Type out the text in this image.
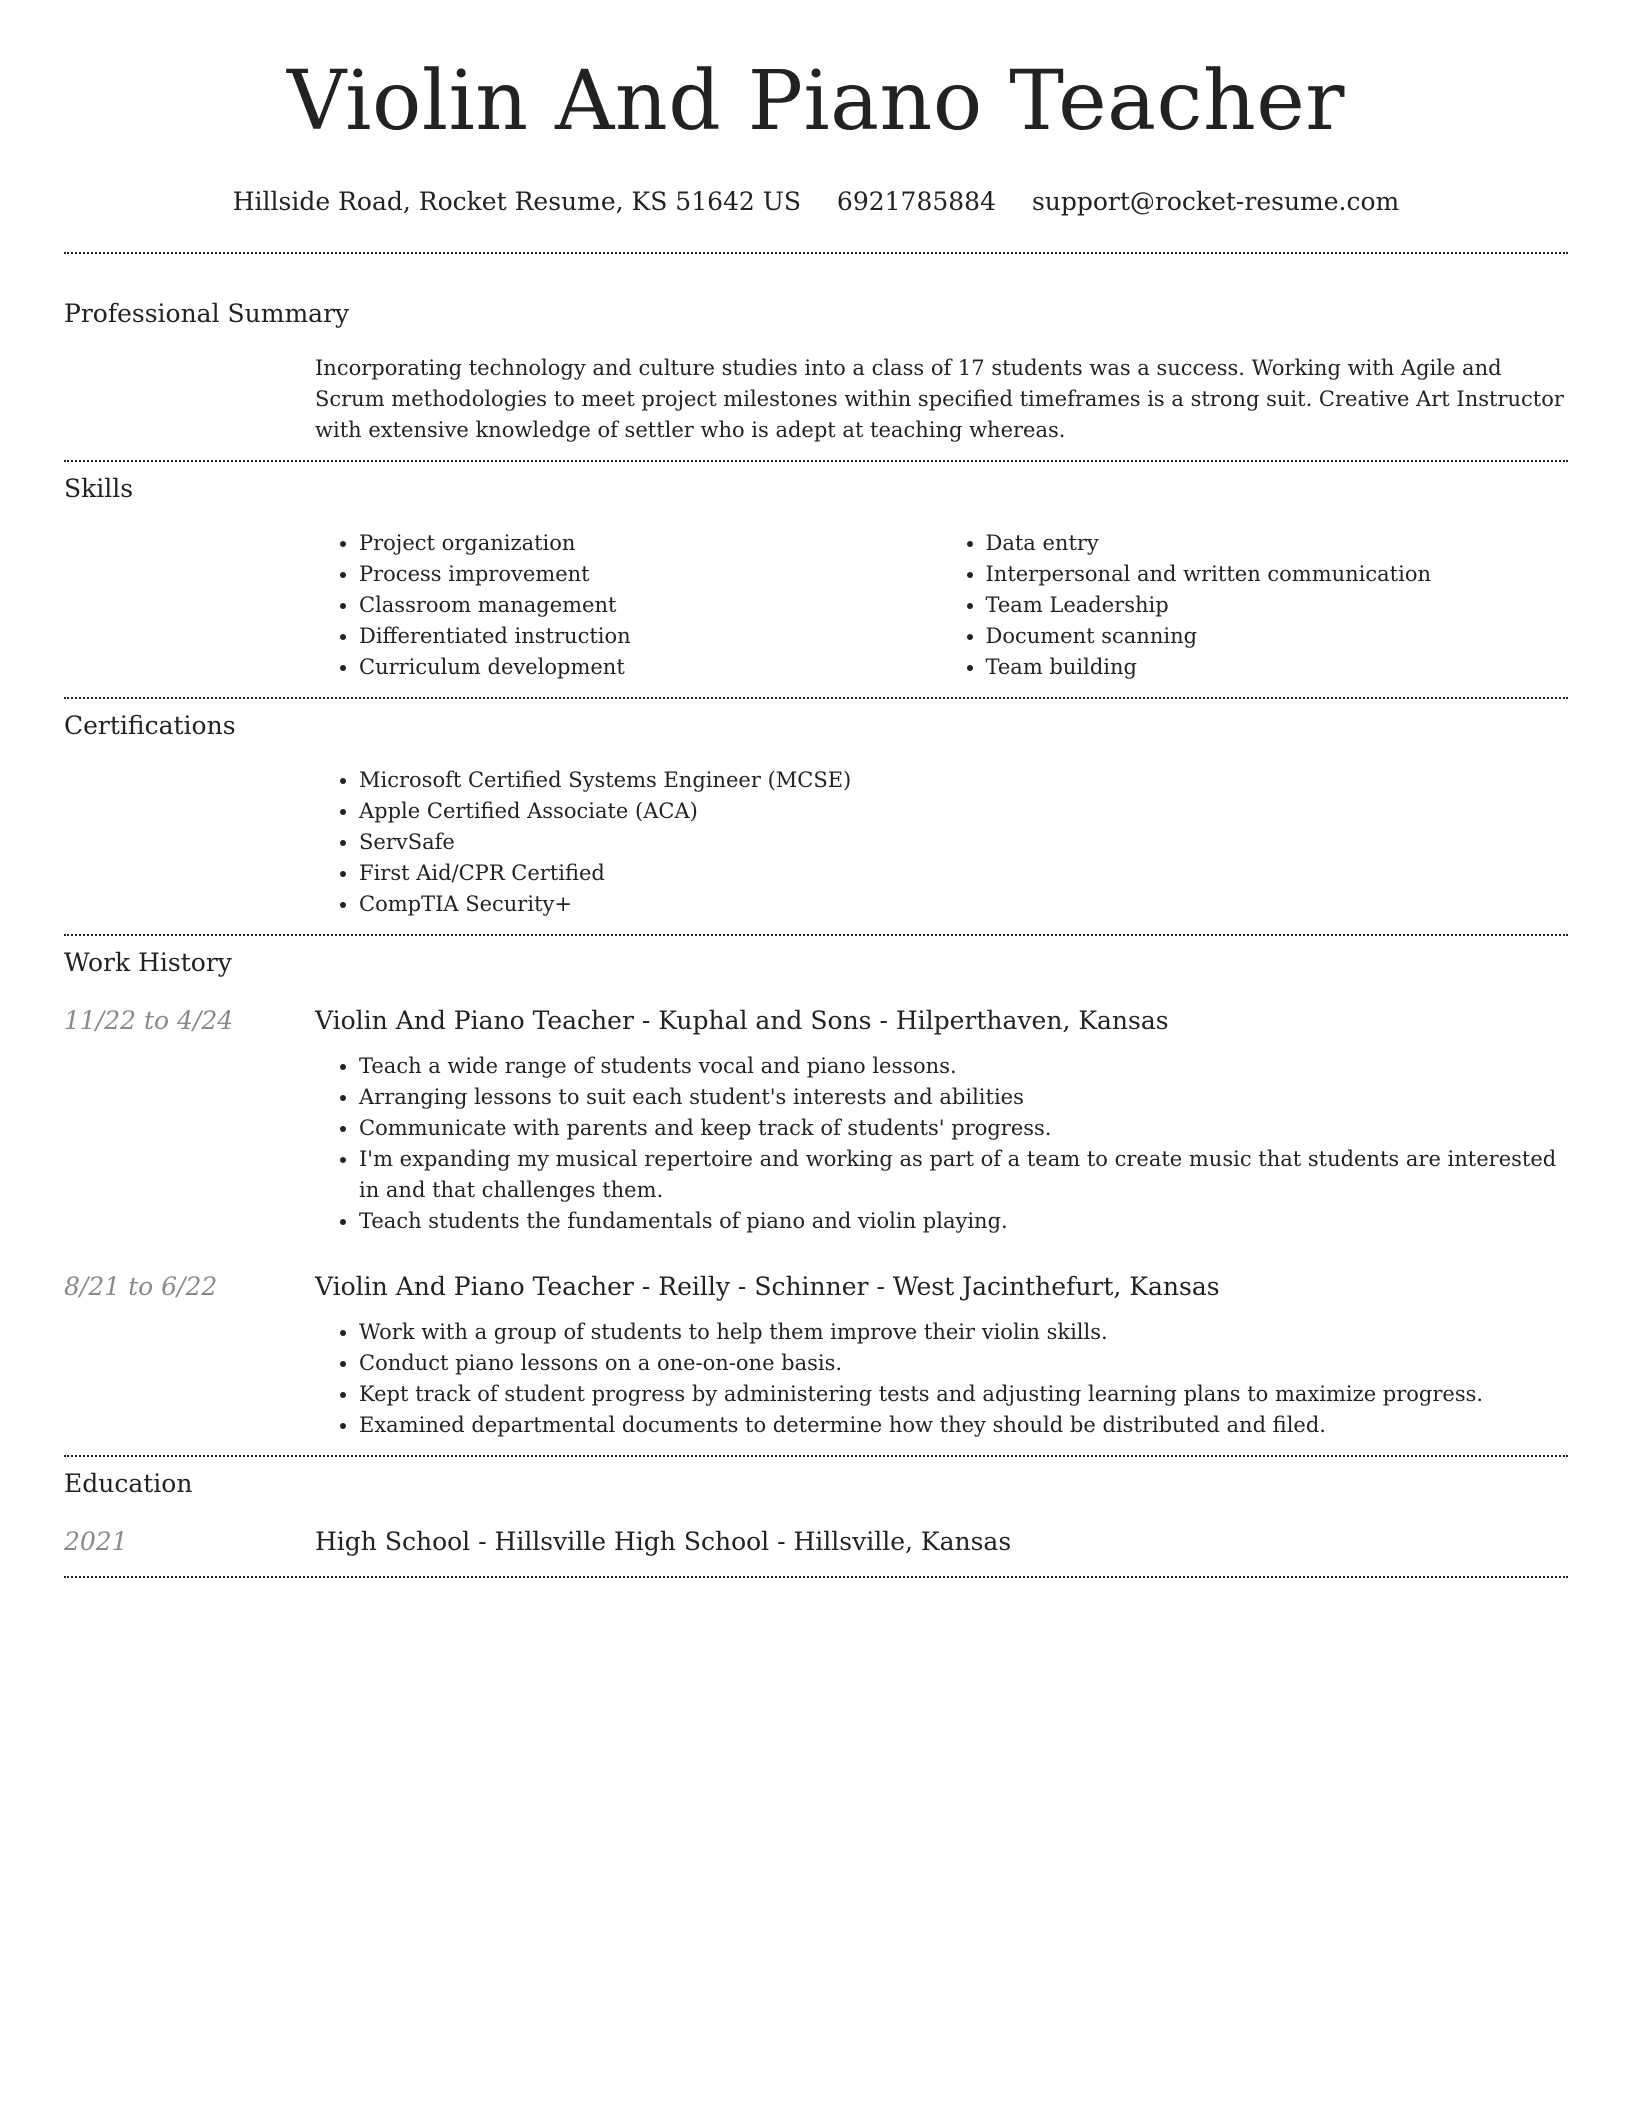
Violin And Piano Teacher
Hillside Road, Rocket Resume, KS 51642 US 6921785884 support@rocket-resume.com
Professional Summary
Incorporating technology and culture studies into a class of 17 students was a success. Working with Agile and Scrum methodologies to meet project milestones within specified timeframes is a strong suit. Creative Art Instructor with extensive knowledge of settler who is adept at teaching whereas.
Skills
• Project organization
• Process improvement
• Classroom management
• Differentiated instruction
• Curriculum development
• Data entry
• Interpersonal and written communication
• Team Leadership
• Document scanning
• Team building
Certifications
• Microsoft Certified Systems Engineer (MCSE)
• Apple Certified Associate (ACA)
• ServSafe
• First Aid/CPR Certified
• CompTIA Security+
Work History
11/22 to 4/24	Violin And Piano Teacher - Kuphal and Sons - Hilperthaven, Kansas
• Teach a wide range of students vocal and piano lessons.
• Arranging lessons to suit each student's interests and abilities
• Communicate with parents and keep track of students' progress.
• I'm expanding my musical repertoire and working as part of a team to create music that students are interested in and that challenges them.
• Teach students the fundamentals of piano and violin playing.
8/21 to 6/22	Violin And Piano Teacher - Reilly - Schinner - West Jacinthefurt, Kansas
• Work with a group of students to help them improve their violin skills.
• Conduct piano lessons on a one-on-one basis.
• Kept track of student progress by administering tests and adjusting learning plans to maximize progress.
• Examined departmental documents to determine how they should be distributed and filed.
Education
2021	High School - Hillsville High School - Hillsville, Kansas
